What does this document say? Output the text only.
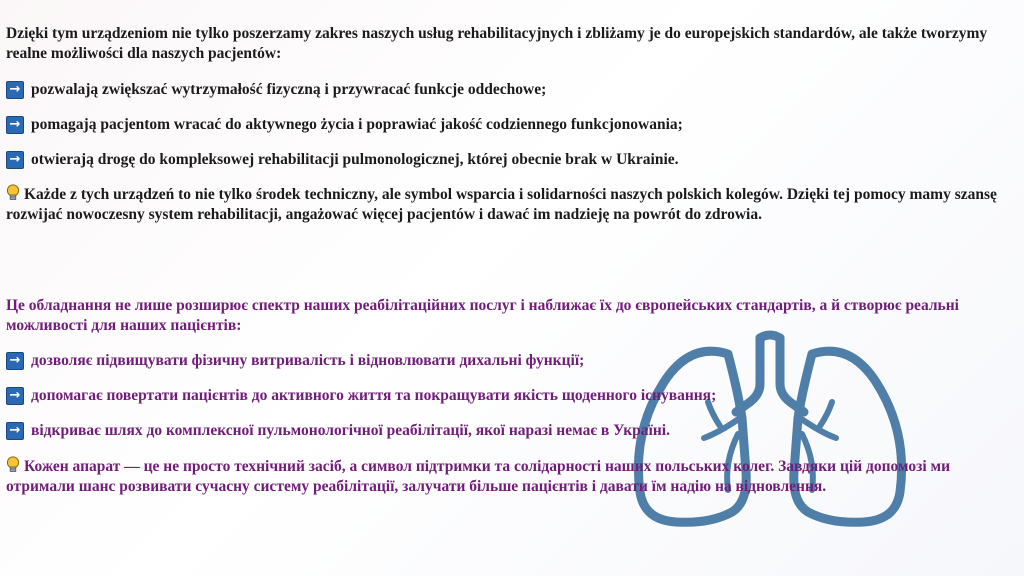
Dzięki tym urządzeniom nie tylko poszerzamy zakres naszych usług rehabilitacyjnych i zbliżamy je do europejskich standardów, ale także tworzymy realne możliwości dla naszych pacjentów:

→ pozwalają zwiększać wytrzymałość fizyczną i przywracać funkcje oddechowe;
→ pomagają pacjentom wracać do aktywnego życia i poprawiać jakość codziennego funkcjonowania;
→ otwierają drogę do kompleksowej rehabilitacji pulmonologicznej, której obecnie brak w Ukrainie.

Każde z tych urządzeń to nie tylko środek techniczny, ale symbol wsparcia i solidarności naszych polskich kolegów. Dzięki tej pomocy mamy szansę rozwijać nowoczesny system rehabilitacji, angażować więcej pacjentów i dawać im nadzieję na powrót do zdrowia.

Це обладнання не лише розширює спектр наших реабілітаційних послуг і наближає їх до європейських стандартів, а й створює реальні можливості для наших пацієнтів:

→ дозволяє підвищувати фізичну витривалість і відновлювати дихальні функції;
→ допомагає повертати пацієнтів до активного життя та покращувати якість щоденного існування;
→ відкриває шлях до комплексної пульмонологічної реабілітації, якої наразі немає в Україні.

Кожен апарат — це не просто технічний засіб, а символ підтримки та солідарності наших польських колег. Завдяки цій допомозі ми отримали шанс розвивати сучасну систему реабілітації, залучати більше пацієнтів і давати їм надію на відновлення.
